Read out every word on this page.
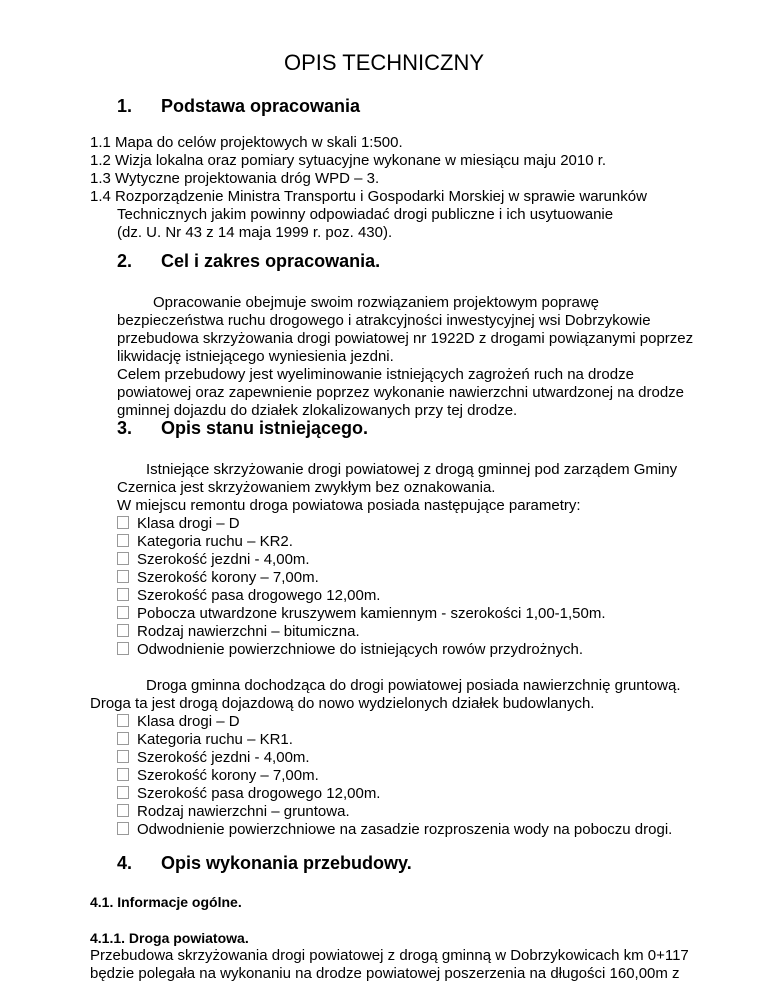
OPIS TECHNICZNY
1. Podstawa opracowania
1.1 Mapa do celów projektowych w skali 1:500.
1.2 Wizja lokalna oraz pomiary sytuacyjne wykonane w miesiącu maju 2010 r.
1.3 Wytyczne projektowania dróg WPD – 3.
1.4 Rozporządzenie Ministra Transportu i Gospodarki Morskiej w sprawie warunków
Technicznych jakim powinny odpowiadać drogi publiczne i ich usytuowanie
(dz. U. Nr 43 z 14 maja 1999 r. poz. 430).
2. Cel i zakres opracowania.
Opracowanie obejmuje swoim rozwiązaniem projektowym poprawę
bezpieczeństwa ruchu drogowego i atrakcyjności inwestycyjnej wsi Dobrzykowie
przebudowa skrzyżowania drogi powiatowej nr 1922D z drogami powiązanymi poprzez
likwidację istniejącego wyniesienia jezdni.
Celem przebudowy jest wyeliminowanie istniejących zagrożeń ruch na drodze
powiatowej oraz zapewnienie poprzez wykonanie nawierzchni utwardzonej na drodze
gminnej dojazdu do działek zlokalizowanych przy tej drodze.
3. Opis stanu istniejącego.
Istniejące skrzyżowanie drogi powiatowej z drogą gminnej pod zarządem Gminy
Czernica jest skrzyżowaniem zwykłym bez oznakowania.
W miejscu remontu droga powiatowa posiada następujące parametry:
Klasa drogi – D
Kategoria ruchu – KR2.
Szerokość jezdni - 4,00m.
Szerokość korony – 7,00m.
Szerokość pasa drogowego 12,00m.
Pobocza utwardzone kruszywem kamiennym - szerokości 1,00-1,50m.
Rodzaj nawierzchni – bitumiczna.
Odwodnienie powierzchniowe do istniejących rowów przydrożnych.
Droga gminna dochodząca do drogi powiatowej posiada nawierzchnię gruntową.
Droga ta jest drogą dojazdową do nowo wydzielonych działek budowlanych.
Klasa drogi – D
Kategoria ruchu – KR1.
Szerokość jezdni - 4,00m.
Szerokość korony – 7,00m.
Szerokość pasa drogowego 12,00m.
Rodzaj nawierzchni – gruntowa.
Odwodnienie powierzchniowe na zasadzie rozproszenia wody na poboczu drogi.
4. Opis wykonania przebudowy.
4.1. Informacje ogólne.
4.1.1. Droga powiatowa.
Przebudowa skrzyżowania drogi powiatowej z drogą gminną w Dobrzykowicach km 0+117
będzie polegała na wykonaniu na drodze powiatowej poszerzenia na długości 160,00m z
